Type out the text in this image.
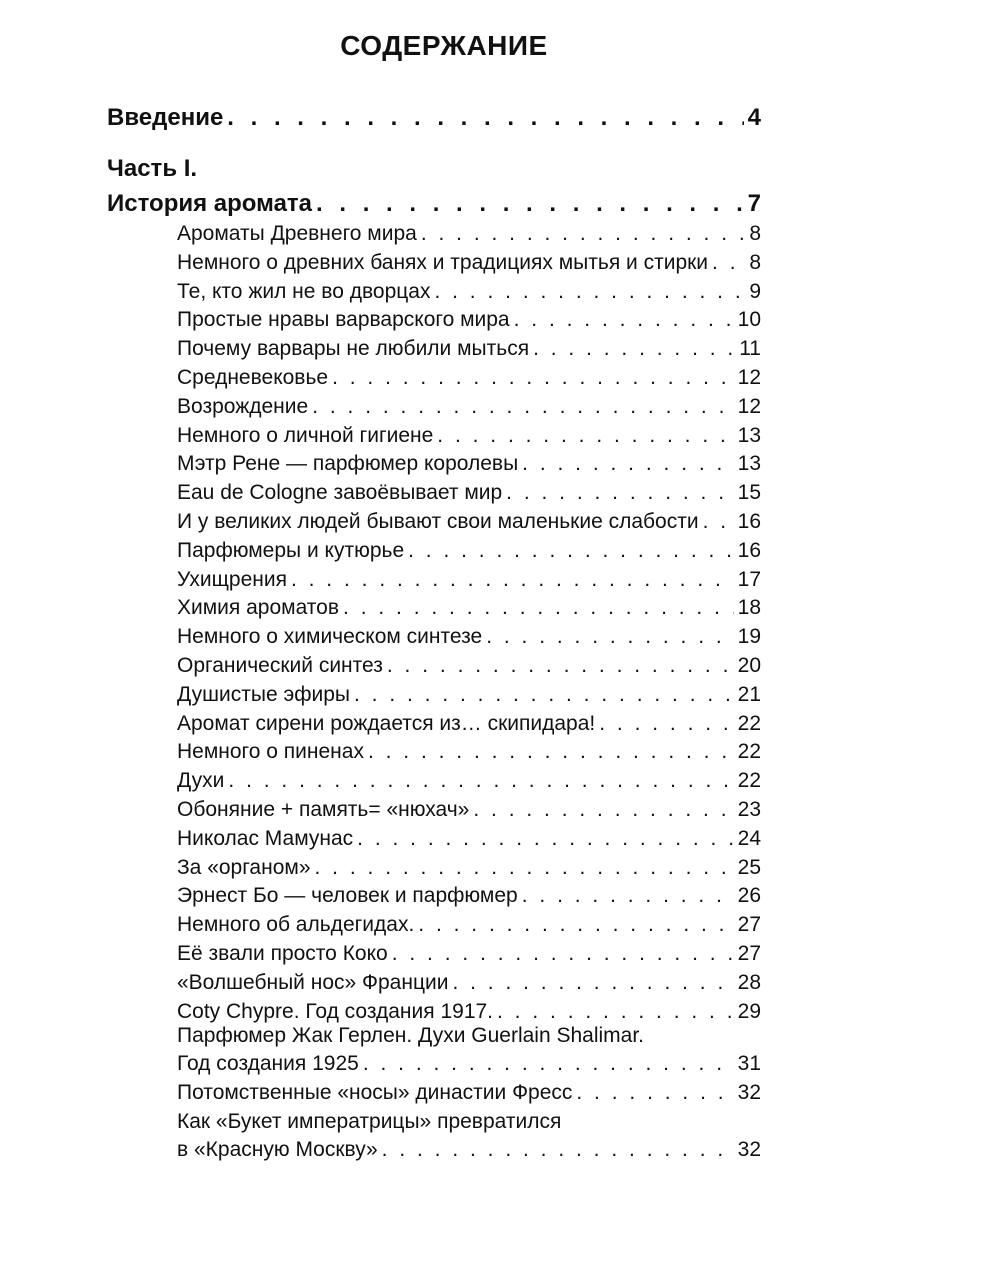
СОДЕРЖАНИЕ
Введение . . .	4
Часть I.
История аромата . . .	7
Ароматы Древнего мира . . .	8
Немного о древних банях и традициях мытья и стирки . . . 8
Те, кто жил не во дворцах . . .	9
Простые нравы варварского мира . . .	10
Почему варвары не любили мыться . . .	11
Средневековье . . .	12
Возрождение . . .	12
Немного о личной гигиене . . .	13
Мэтр Рене — парфюмер королевы . . .	13
Eau de Cologne завоёвывает мир . . .	15
И у великих людей бывают свои маленькие слабости . . . 16
Парфюмеры и кутюрье . . .	16
Ухищрения . . .	17
Химия ароматов . . .	18
Немного о химическом синтезе . . .	19
Органический синтез . . .	20
Душистые эфиры . . .	21
Аромат сирени рождается из… скипидара! . . .	22
Немного о пиненах . . .	22
Духи . . .	22
Обоняние + память= «нюхач» . . .	23
Николас Мамунас . . .	24
За «органом» . . .	25
Эрнест Бо — человек и парфюмер . . .	26
Немного об альдегидах. . . .	27
Её звали просто Коко . . .	27
«Волшебный нос» Франции . . .	28
Coty Chypre. Год создания 1917. . . .	29
Парфюмер Жак Герлен. Духи Guerlain Shalimar.
Год создания 1925 . . .	31
Потомственные «носы» династии Фресс . . .	32
Как «Букет императрицы» превратился
в «Красную Москву» . . .	32
